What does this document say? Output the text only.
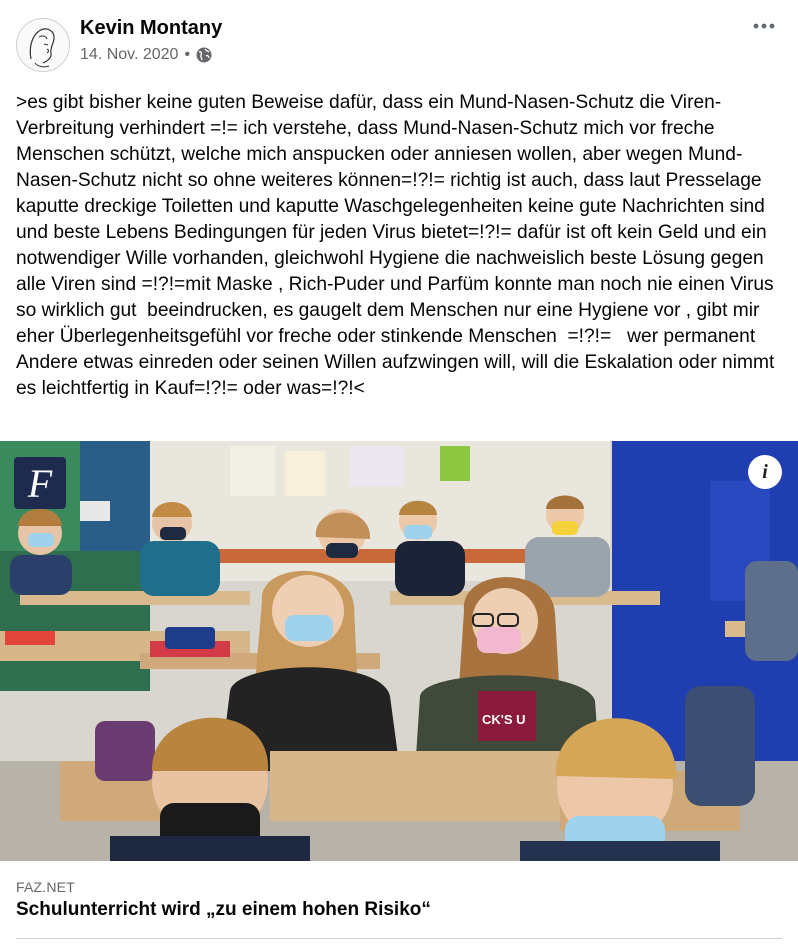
Kevin Montany
14. Nov. 2020 •
>es gibt bisher keine guten Beweise dafür, dass ein Mund-Nasen-Schutz die Viren-Verbreitung verhindert =!= ich verstehe, dass Mund-Nasen-Schutz mich vor freche Menschen schützt, welche mich anspucken oder anniesen wollen, aber wegen Mund-Nasen-Schutz nicht so ohne weiteres können=!?!= richtig ist auch, dass laut Presselage kaputte dreckige Toiletten und kaputte Waschgelegenheiten keine gute Nachrichten sind und beste Lebens Bedingungen für jeden Virus bietet=!?!= dafür ist oft kein Geld und ein notwendiger Wille vorhanden, gleichwohl Hygiene die nachweislich beste Lösung gegen alle Viren sind =!?!=mit Maske , Rich-Puder und Parfüm konnte man noch nie einen Virus so wirklich gut  beeindrucken, es gaugelt dem Menschen nur eine Hygiene vor , gibt mir eher Überlegenheitsgefühl vor freche oder stinkende Menschen  =!?!=   wer permanent Andere etwas einreden oder seinen Willen aufzwingen will, will die Eskalation oder nimmt es leichtfertig in Kauf=!?!= oder was=!?!<
CK'S U
F	i
FAZ.NET
Schulunterricht wird „zu einem hohen Risiko“
